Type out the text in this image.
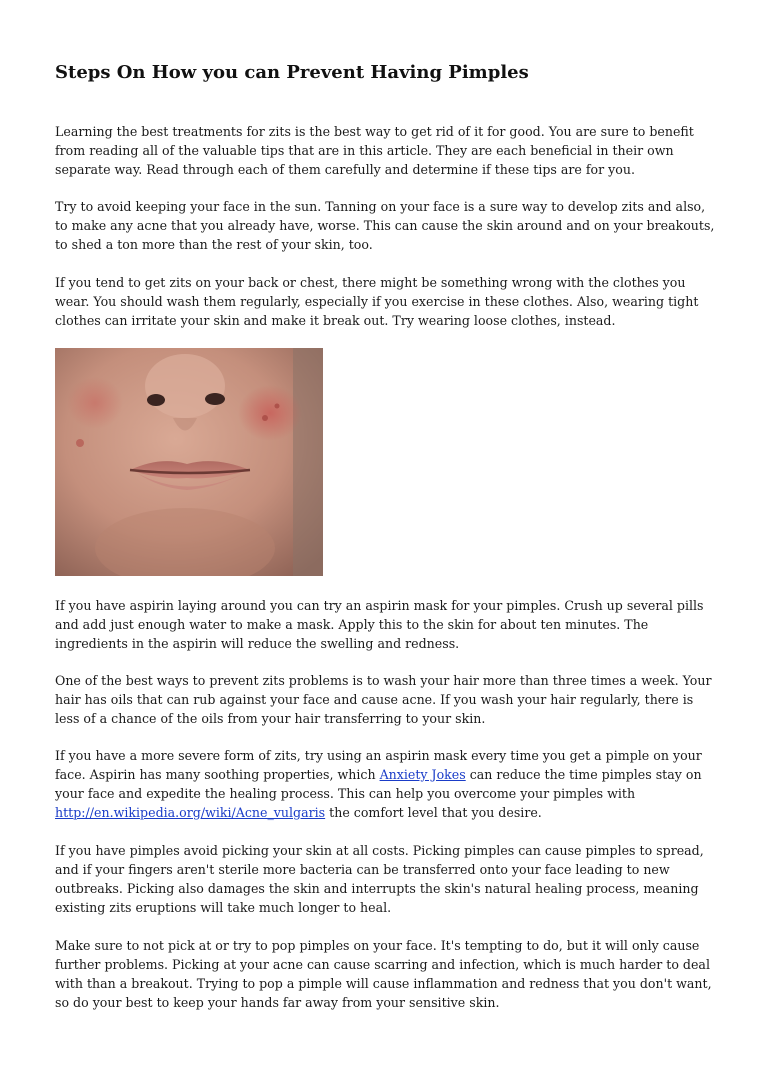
Steps On How you can Prevent Having Pimples

Learning the best treatments for zits is the best way to get rid of it for good. You are sure to benefit from reading all of the valuable tips that are in this article. They are each beneficial in their own separate way. Read through each of them carefully and determine if these tips are for you.

Try to avoid keeping your face in the sun. Tanning on your face is a sure way to develop zits and also, to make any acne that you already have, worse. This can cause the skin around and on your breakouts, to shed a ton more than the rest of your skin, too.

If you tend to get zits on your back or chest, there might be something wrong with the clothes you wear. You should wash them regularly, especially if you exercise in these clothes. Also, wearing tight clothes can irritate your skin and make it break out. Try wearing loose clothes, instead.

If you have aspirin laying around you can try an aspirin mask for your pimples. Crush up several pills and add just enough water to make a mask. Apply this to the skin for about ten minutes. The ingredients in the aspirin will reduce the swelling and redness.

One of the best ways to prevent zits problems is to wash your hair more than three times a week. Your hair has oils that can rub against your face and cause acne. If you wash your hair regularly, there is less of a chance of the oils from your hair transferring to your skin.

If you have a more severe form of zits, try using an aspirin mask every time you get a pimple on your face. Aspirin has many soothing properties, which Anxiety Jokes can reduce the time pimples stay on your face and expedite the healing process. This can help you overcome your pimples with http://en.wikipedia.org/wiki/Acne_vulgaris the comfort level that you desire.

If you have pimples avoid picking your skin at all costs. Picking pimples can cause pimples to spread, and if your fingers aren't sterile more bacteria can be transferred onto your face leading to new outbreaks. Picking also damages the skin and interrupts the skin's natural healing process, meaning existing zits eruptions will take much longer to heal.

Make sure to not pick at or try to pop pimples on your face. It's tempting to do, but it will only cause further problems. Picking at your acne can cause scarring and infection, which is much harder to deal with than a breakout. Trying to pop a pimple will cause inflammation and redness that you don't want, so do your best to keep your hands far away from your sensitive skin.
